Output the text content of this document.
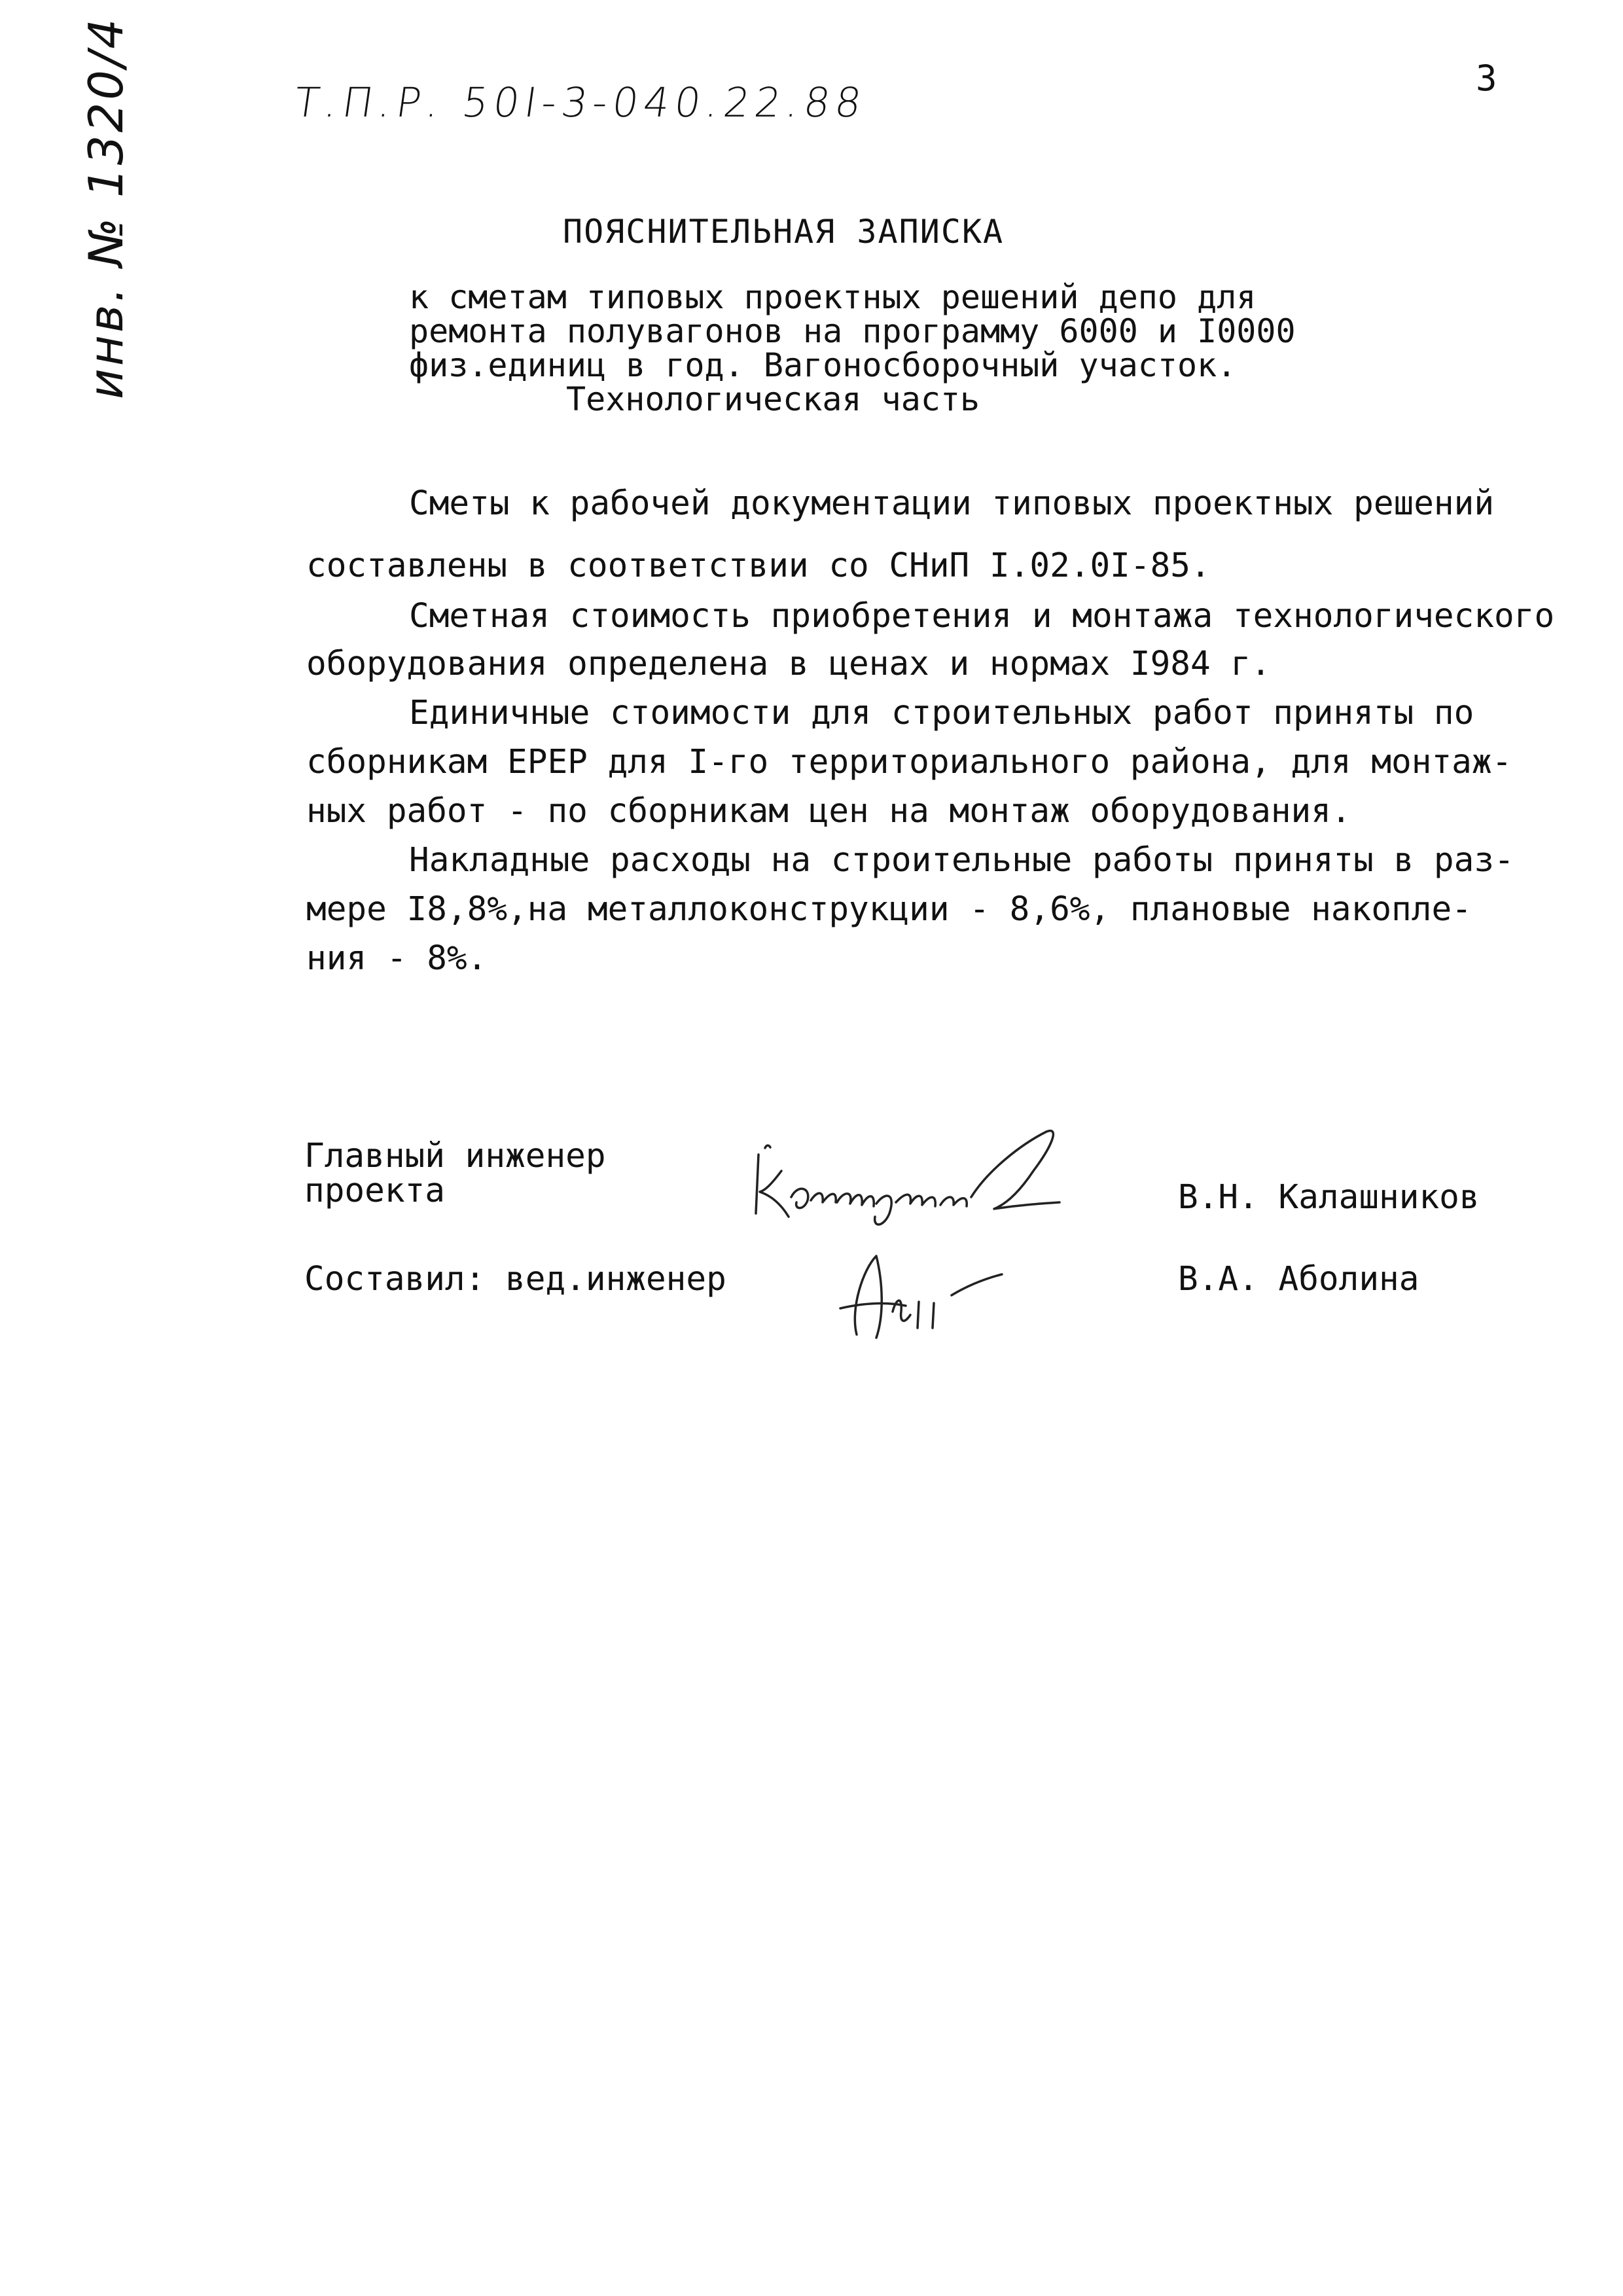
Т.П.Р. 50I-3-040.22.88
3
инв. № 1320/4	ПОЯСНИТЕЛЬНАЯ ЗАПИСКА
к сметам типовых проектных решений депо для
ремонта полувагонов на программу 6000 и I0000
физ.единиц в год. Вагоносборочный участок.
Технологическая часть
Сметы к рабочей документации типовых проектных решений
составлены в соответствии со СНиП I.02.0I-85.
Сметная стоимость приобретения и монтажа технологического
оборудования определена в ценах и нормах I984 г.
Единичные стоимости для строительных работ приняты по
сборникам ЕРЕР для I-го территориального района, для монтаж-
ных работ - по сборникам цен на монтаж оборудования.
Накладные расходы на строительные работы приняты в раз-
мере I8,8%,на металлоконструкции - 8,6%, плановые накопле-
ния - 8%.
Главный инженер
проекта

	В.Н. Калашников
Составил: вед.инженер

	В.А. Аболина
